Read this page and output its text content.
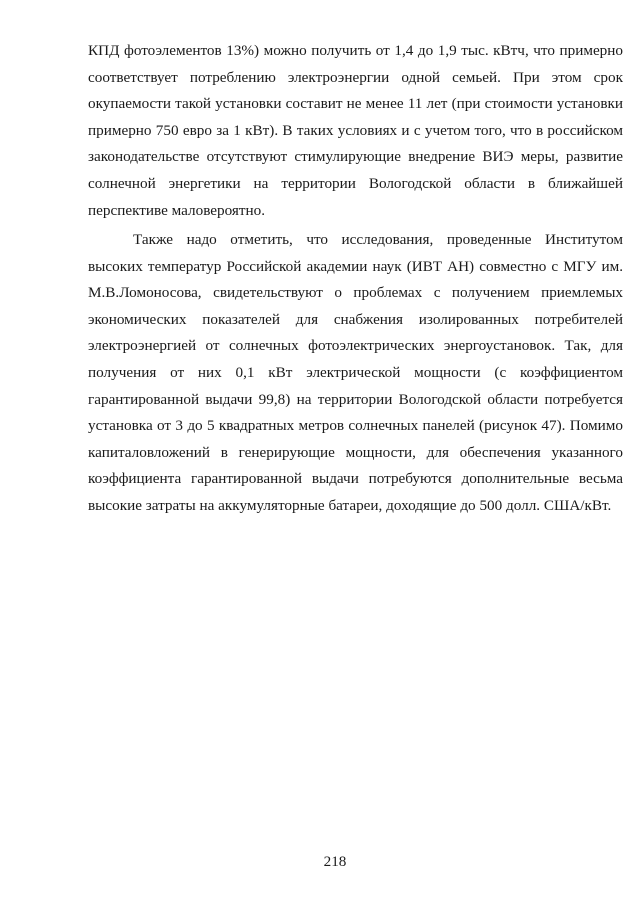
КПД фотоэлементов 13%) можно получить от 1,4 до 1,9 тыс. кВтч, что примерно
соответствует потреблению электроэнергии одной семьей. При этом срок
окупаемости такой установки составит не менее 11 лет (при стоимости установки
примерно 750 евро за 1 кВт). В таких условиях и с учетом того, что в российском
законодательстве отсутствуют стимулирующие внедрение ВИЭ меры, развитие
солнечной энергетики на территории Вологодской области в ближайшей
перспективе маловероятно.
Также надо отметить, что исследования, проведенные Институтом
высоких температур Российской академии наук (ИВТ АН) совместно с МГУ им.
М.В.Ломоносова, свидетельствуют о проблемах с получением приемлемых
экономических показателей для снабжения изолированных потребителей
электроэнергией от солнечных фотоэлектрических энергоустановок. Так, для
получения от них 0,1 кВт электрической мощности (с коэффициентом
гарантированной выдачи 99,8) на территории Вологодской области потребуется
установка от 3 до 5 квадратных метров солнечных панелей (рисунок 47). Помимо
капиталовложений в генерирующие мощности, для обеспечения указанного
коэффициента гарантированной выдачи потребуются дополнительные весьма
высокие затраты на аккумуляторные батареи, доходящие до 500 долл. США/кВт.
218
